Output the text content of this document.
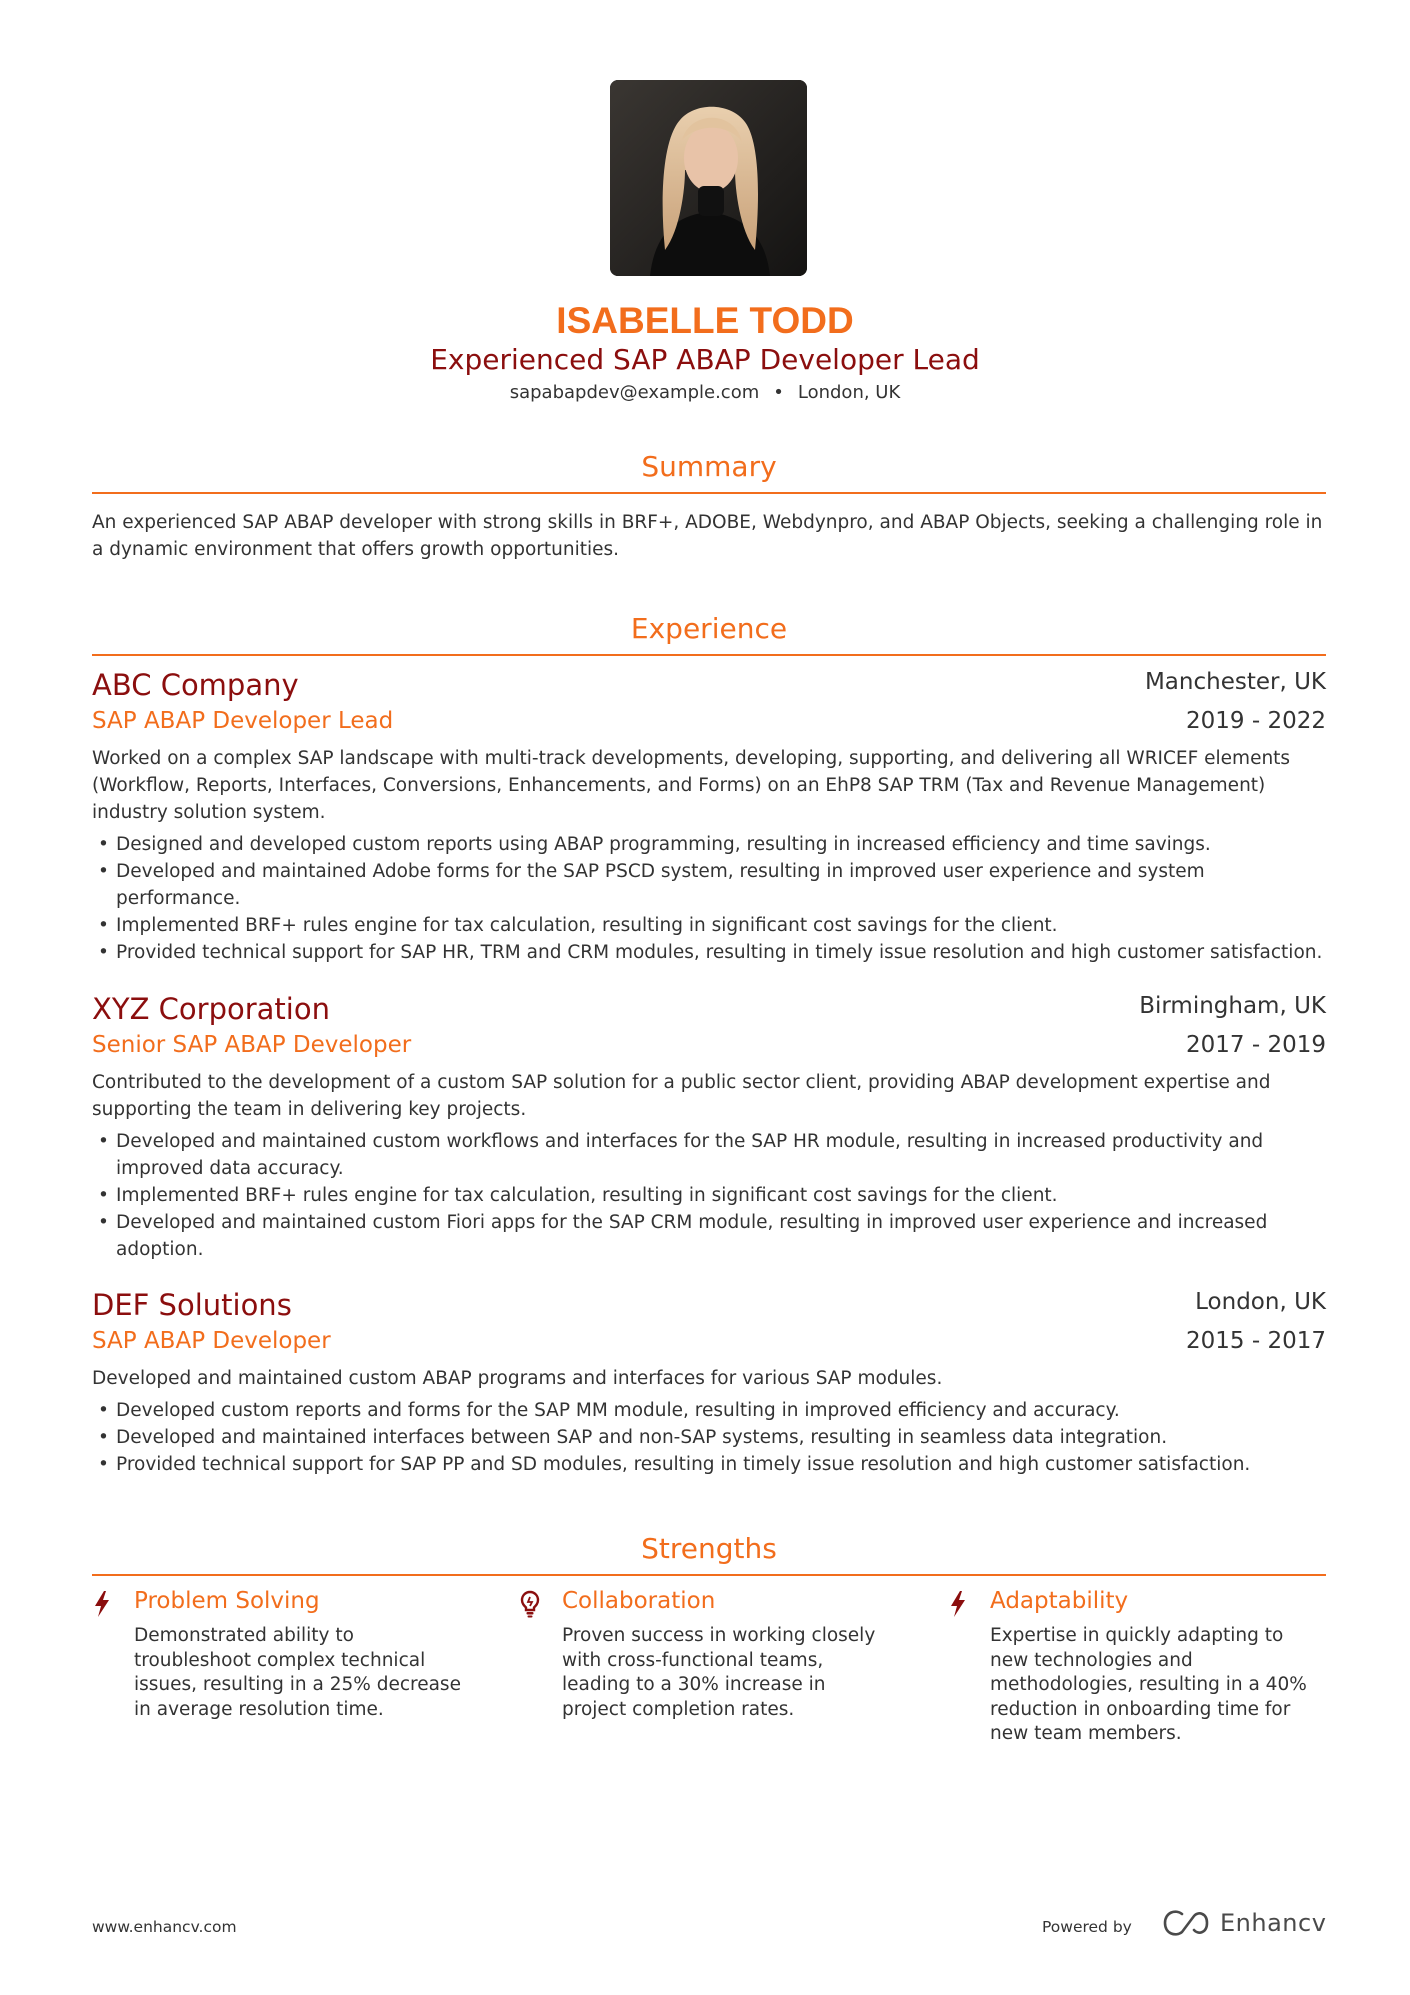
ISABELLE TODD
Experienced SAP ABAP Developer Lead
sapabapdev@example.com • London, UK
Summary
An experienced SAP ABAP developer with strong skills in BRF+, ADOBE, Webdynpro, and ABAP Objects, seeking a challenging role in a dynamic environment that offers growth opportunities.
Experience
ABC Company	Manchester, UK
SAP ABAP Developer Lead	2019 - 2022
Worked on a complex SAP landscape with multi-track developments, developing, supporting, and delivering all WRICEF elements (Workflow, Reports, Interfaces, Conversions, Enhancements, and Forms) on an EhP8 SAP TRM (Tax and Revenue Management) industry solution system.
• Designed and developed custom reports using ABAP programming, resulting in increased efficiency and time savings.
• Developed and maintained Adobe forms for the SAP PSCD system, resulting in improved user experience and system performance.
• Implemented BRF+ rules engine for tax calculation, resulting in significant cost savings for the client.
• Provided technical support for SAP HR, TRM and CRM modules, resulting in timely issue resolution and high customer satisfaction.
XYZ Corporation	Birmingham, UK
Senior SAP ABAP Developer	2017 - 2019
Contributed to the development of a custom SAP solution for a public sector client, providing ABAP development expertise and supporting the team in delivering key projects.
• Developed and maintained custom workflows and interfaces for the SAP HR module, resulting in increased productivity and improved data accuracy.
• Implemented BRF+ rules engine for tax calculation, resulting in significant cost savings for the client.
• Developed and maintained custom Fiori apps for the SAP CRM module, resulting in improved user experience and increased adoption.
DEF Solutions	London, UK
SAP ABAP Developer	2015 - 2017
Developed and maintained custom ABAP programs and interfaces for various SAP modules.
• Developed custom reports and forms for the SAP MM module, resulting in improved efficiency and accuracy.
• Developed and maintained interfaces between SAP and non-SAP systems, resulting in seamless data integration.
• Provided technical support for SAP PP and SD modules, resulting in timely issue resolution and high customer satisfaction.
Strengths
Problem Solving
Demonstrated ability to troubleshoot complex technical issues, resulting in a 25% decrease in average resolution time.
Collaboration
Proven success in working closely with cross-functional teams, leading to a 30% increase in project completion rates.
Adaptability
Expertise in quickly adapting to new technologies and methodologies, resulting in a 40% reduction in onboarding time for new team members.
www.enhancv.com	Powered by	Enhancv
